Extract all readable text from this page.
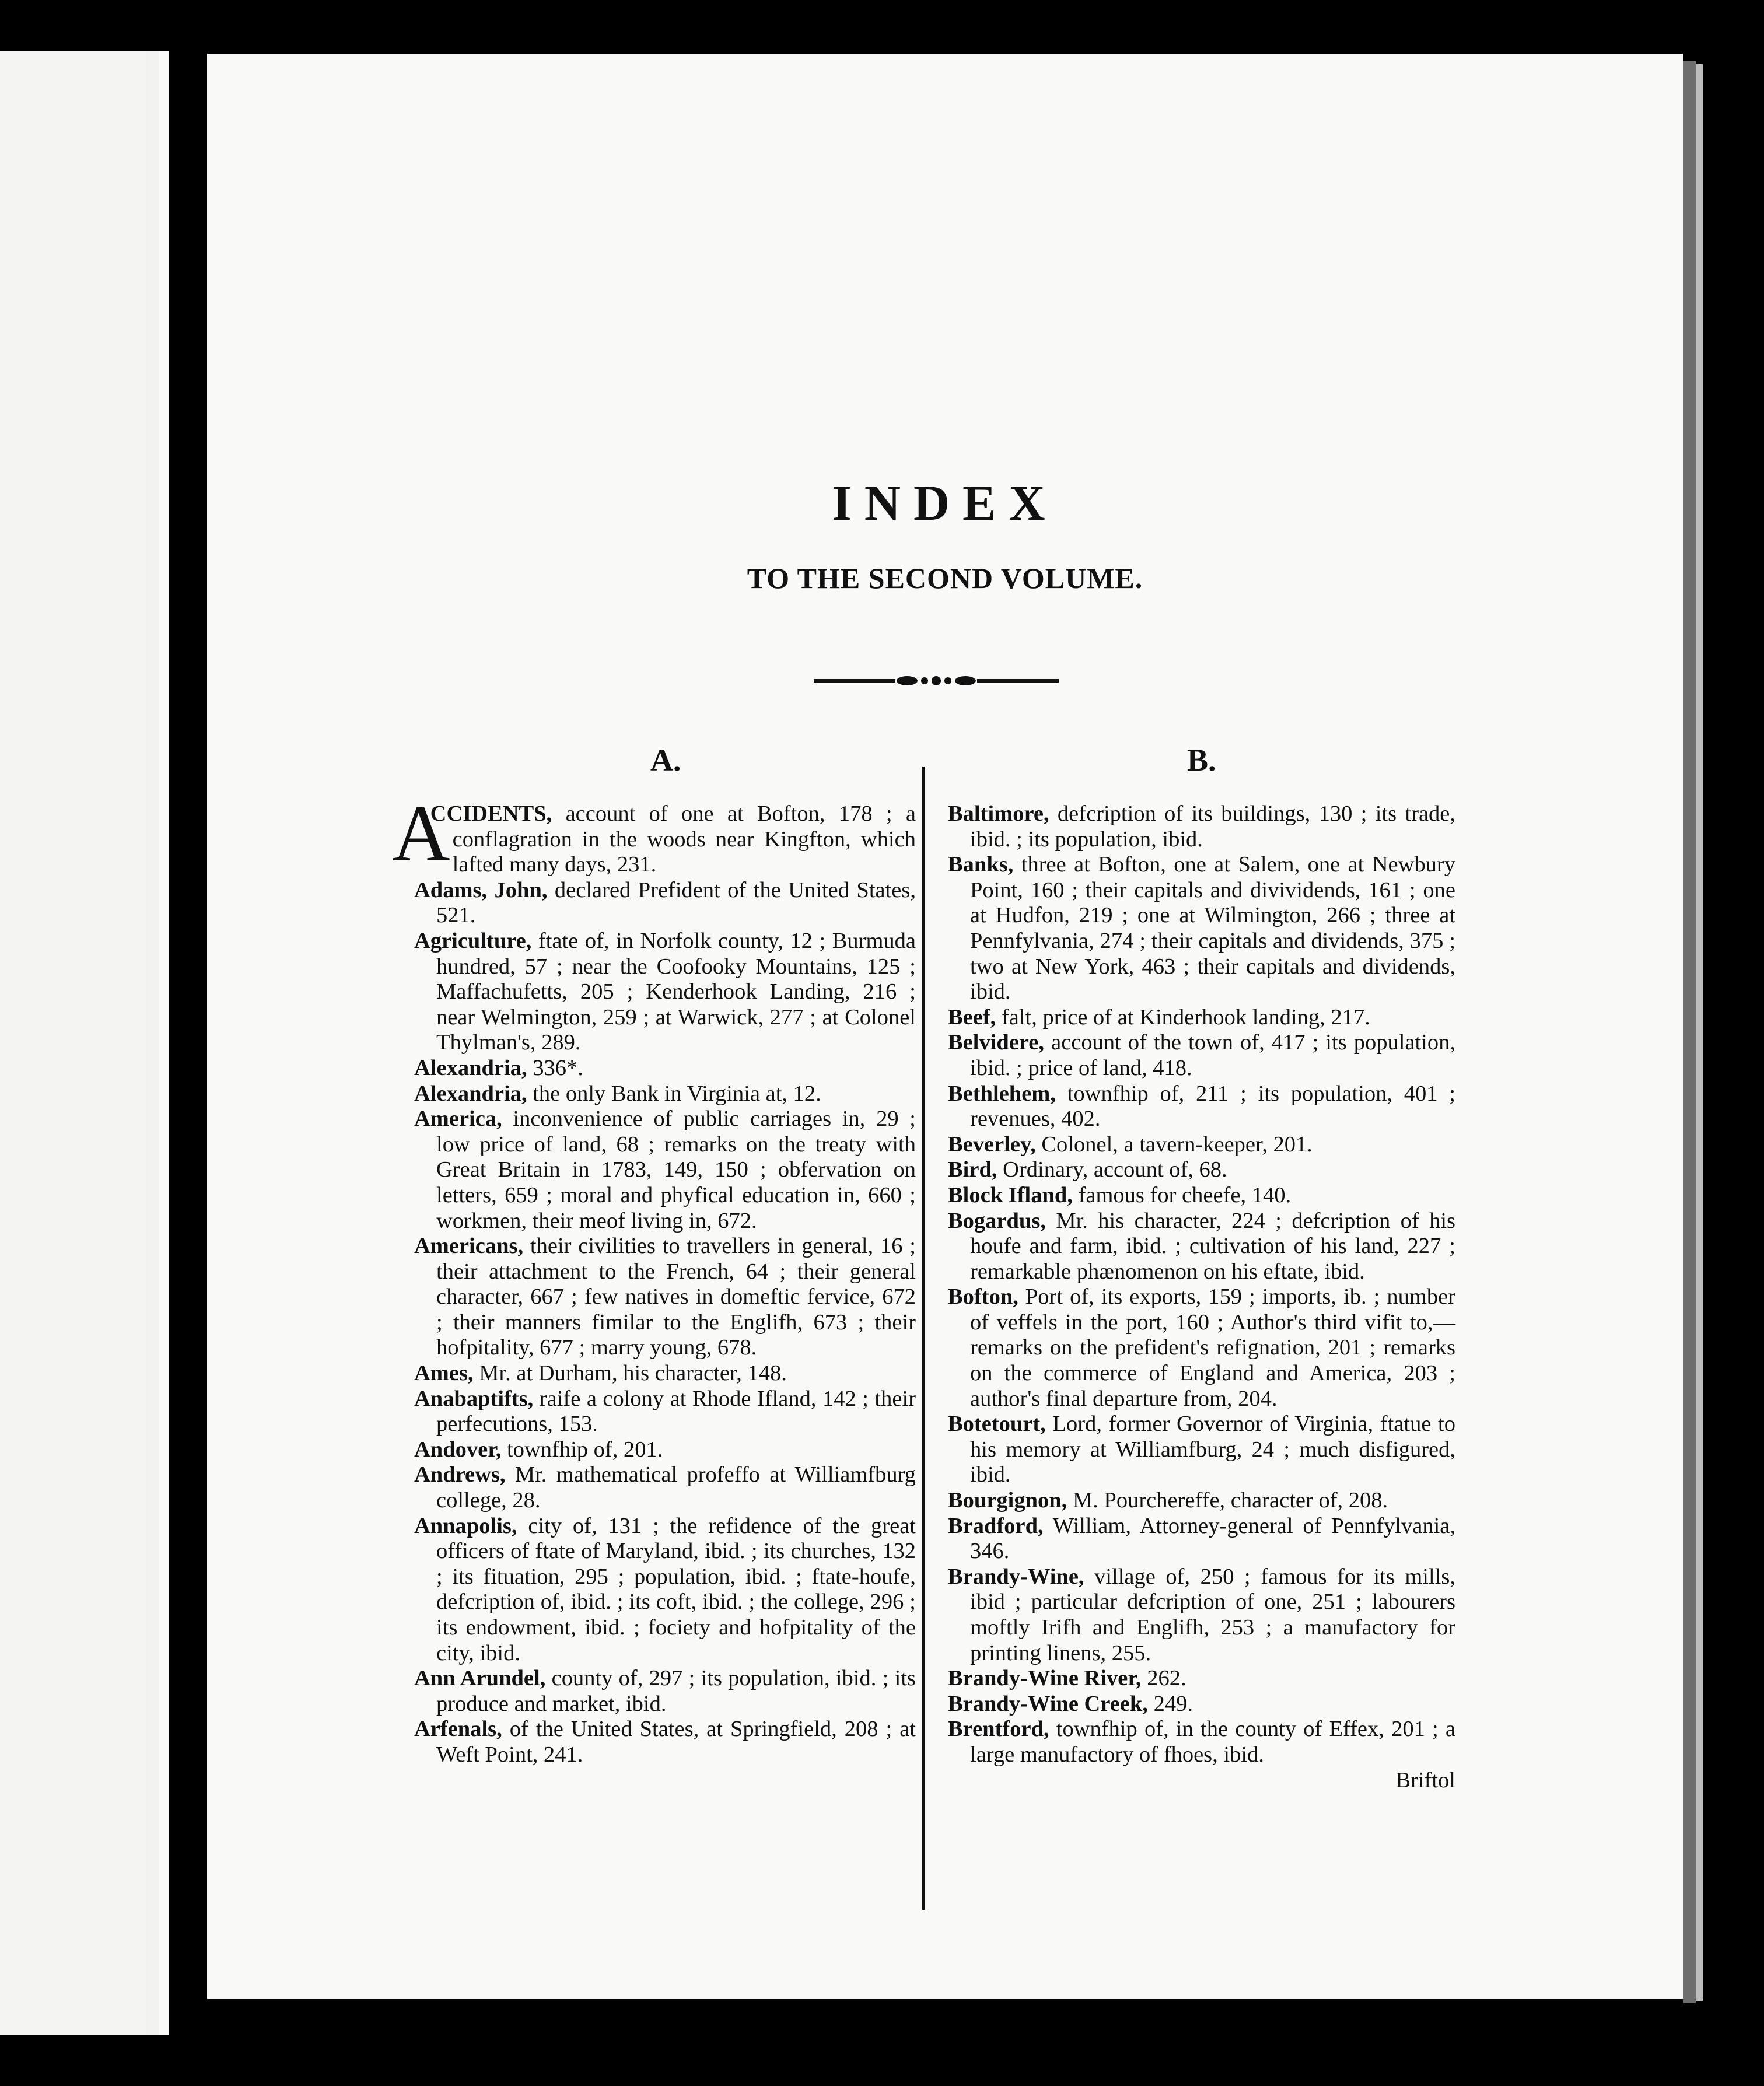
INDEX
TO THE SECOND VOLUME.
A.	B.
A
CCIDENTS, account of one at Bofton, 178 ; a conflagration in the woods near Kingfton, which lafted many days, 231.
Adams, John, declared Prefident of the United States, 521.
Agriculture, ftate of, in Norfolk county, 12 ; Burmuda hundred, 57 ; near the Coofooky Mountains, 125 ; Maffachufetts, 205 ; Kenderhook Landing, 216 ; near Welmington, 259 ; at Warwick, 277 ; at Colonel Thylman's, 289.
Alexandria, 336*.
Alexandria, the only Bank in Virginia at, 12.
America, inconvenience of public carriages in, 29 ; low price of land, 68 ; remarks on the treaty with Great Britain in 1783, 149, 150 ; obfervation on letters, 659 ; moral and phyfical education in, 660 ; workmen, their meof living in, 672.
Americans, their civilities to travellers in general, 16 ; their attachment to the French, 64 ; their general character, 667 ; few natives in domeftic fervice, 672 ; their manners fimilar to the Englifh, 673 ; their hofpitality, 677 ; marry young, 678.
Ames, Mr. at Durham, his character, 148.
Anabaptifts, raife a colony at Rhode Ifland, 142 ; their perfecutions, 153.
Andover, townfhip of, 201.
Andrews, Mr. mathematical profeffo at Williamfburg college, 28.
Annapolis, city of, 131 ; the refidence of the great officers of ftate of Maryland, ibid. ; its churches, 132 ; its fituation, 295 ; population, ibid. ; ftate-houfe, defcription of, ibid. ; its coft, ibid. ; the college, 296 ; its endowment, ibid. ; fociety and hofpitality of the city, ibid.
Ann Arundel, county of, 297 ; its population, ibid. ; its produce and market, ibid.
Arfenals, of the United States, at Springfield, 208 ; at Weft Point, 241.
Baltimore, defcription of its buildings, 130 ; its trade, ibid. ; its population, ibid.
Banks, three at Bofton, one at Salem, one at Newbury Point, 160 ; their capitals and divividends, 161 ; one at Hudfon, 219 ; one at Wilmington, 266 ; three at Pennfylvania, 274 ; their capitals and dividends, 375 ; two at New York, 463 ; their capitals and dividends, ibid.
Beef, falt, price of at Kinderhook landing, 217.
Belvidere, account of the town of, 417 ; its population, ibid. ; price of land, 418.
Bethlehem, townfhip of, 211 ; its population, 401 ; revenues, 402.
Beverley, Colonel, a tavern-keeper, 201.
Bird, Ordinary, account of, 68.
Block Ifland, famous for cheefe, 140.
Bogardus, Mr. his character, 224 ; defcription of his houfe and farm, ibid. ; cultivation of his land, 227 ; remarkable phænomenon on his eftate, ibid.
Bofton, Port of, its exports, 159 ; imports, ib. ; number of veffels in the port, 160 ; Author's third vifit to,—remarks on the prefident's refignation, 201 ; remarks on the commerce of England and America, 203 ; author's final departure from, 204.
Botetourt, Lord, former Governor of Virginia, ftatue to his memory at Williamfburg, 24 ; much disfigured, ibid.
Bourgignon, M. Pourchereffe, character of, 208.
Bradford, William, Attorney-general of Pennfylvania, 346.
Brandy-Wine, village of, 250 ; famous for its mills, ibid ; particular defcription of one, 251 ; labourers moftly Irifh and Englifh, 253 ; a manufactory for printing linens, 255.
Brandy-Wine River, 262.
Brandy-Wine Creek, 249.
Brentford, townfhip of, in the county of Effex, 201 ; a large manufactory of fhoes, ibid.
Briftol
